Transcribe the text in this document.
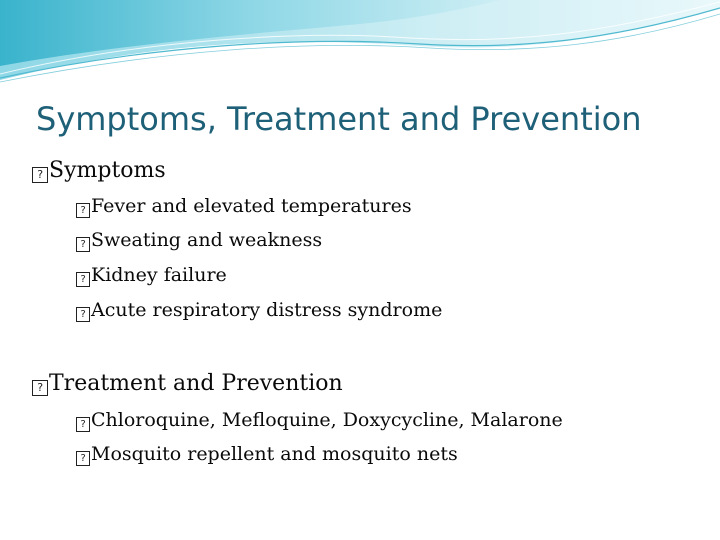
Symptoms, Treatment and Prevention
? Symptoms
? Fever and elevated temperatures
? Sweating and weakness
? Kidney failure
? Acute respiratory distress syndrome
? Treatment and Prevention
? Chloroquine, Mefloquine, Doxycycline, Malarone
? Mosquito repellent and mosquito nets
